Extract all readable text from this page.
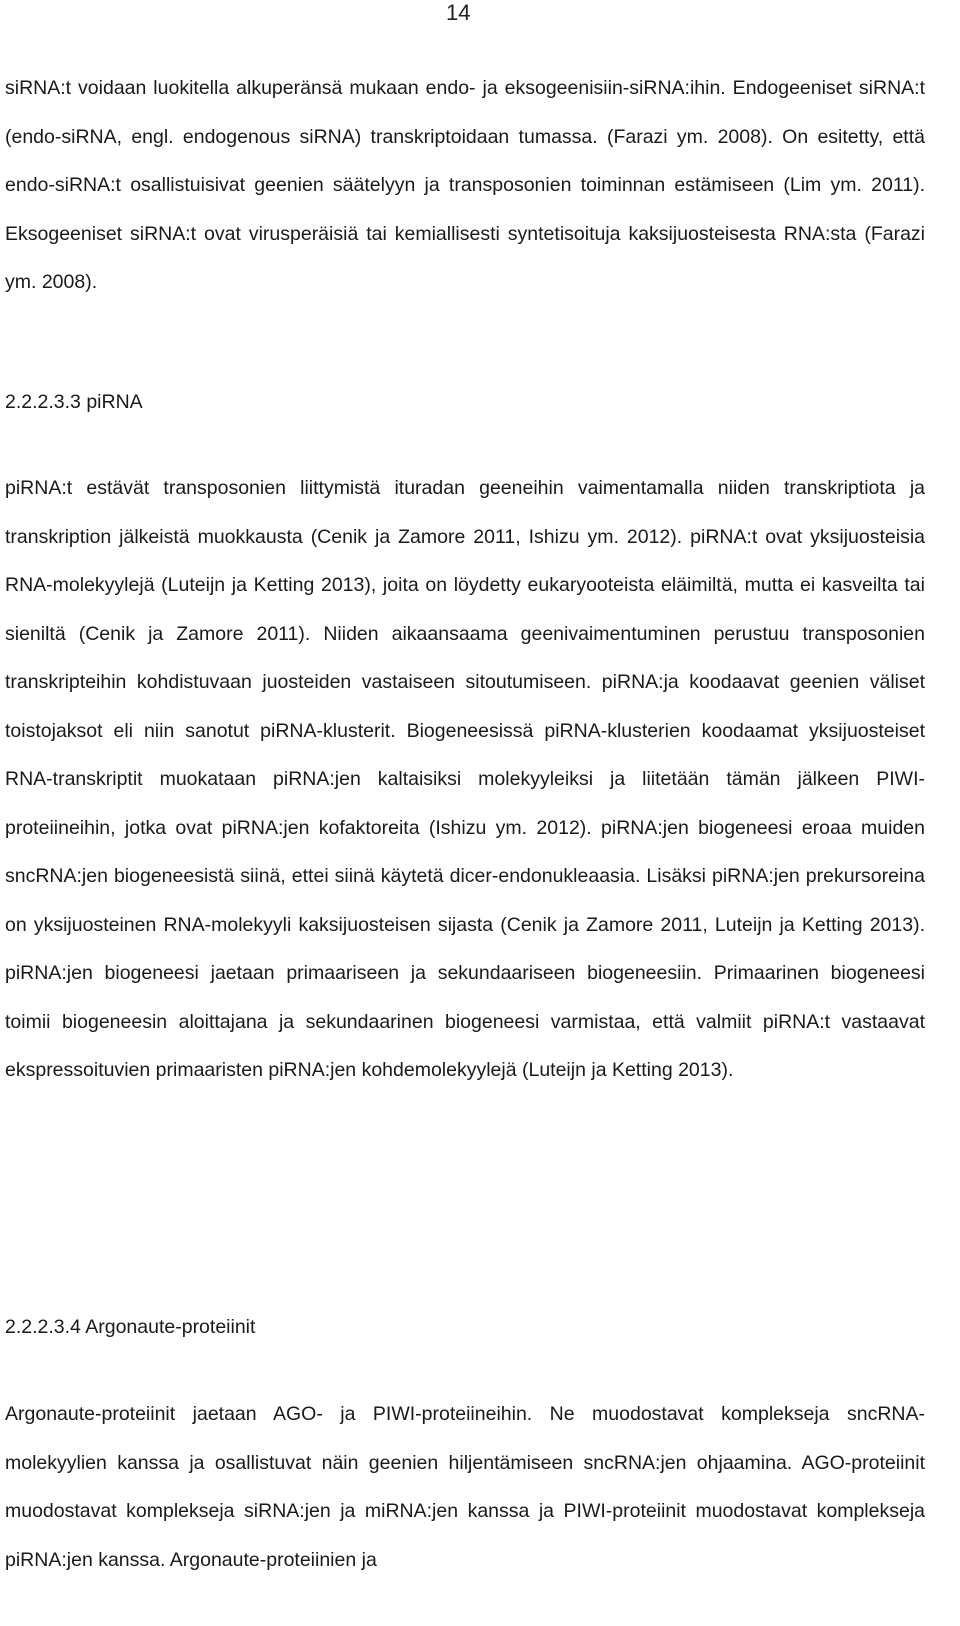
14

siRNA:t voidaan luokitella alkuperänsä mukaan endo- ja eksogeenisiin-siRNA:ihin. Endogeeniset siRNA:t (endo-siRNA, engl. endogenous siRNA) transkriptoidaan tumassa. (Farazi ym. 2008). On esitetty, että endo-siRNA:t osallistuisivat geenien säätelyyn ja transposonien toiminnan estämiseen (Lim ym. 2011). Eksogeeniset siRNA:t ovat virusperäisiä tai kemiallisesti syntetisoituja kaksijuosteisesta RNA:sta (Farazi ym. 2008).

2.2.2.3.3 piRNA

piRNA:t estävät transposonien liittymistä ituradan geeneihin vaimentamalla niiden transkriptiota ja transkription jälkeistä muokkausta (Cenik ja Zamore 2011, Ishizu ym. 2012). piRNA:t ovat yksijuosteisia RNA-molekyylejä (Luteijn ja Ketting 2013), joita on löydetty eukaryooteista eläimiltä, mutta ei kasveilta tai sieniltä (Cenik ja Zamore 2011). Niiden aikaansaama geenivaimentuminen perustuu transposonien transkripteihin kohdistuvaan juosteiden vastaiseen sitoutumiseen. piRNA:ja koodaavat geenien väliset toistojaksot eli niin sanotut piRNA-klusterit. Biogeneesissä piRNA-klusterien koodaamat yksijuosteiset RNA-transkriptit muokataan piRNA:jen kaltaisiksi molekyyleiksi ja liitetään tämän jälkeen PIWI-proteiineihin, jotka ovat piRNA:jen kofaktoreita (Ishizu ym. 2012). piRNA:jen biogeneesi eroaa muiden sncRNA:jen biogeneesistä siinä, ettei siinä käytetä dicer-endonukleaasia. Lisäksi piRNA:jen prekursoreina on yksijuosteinen RNA-molekyyli kaksijuosteisen sijasta (Cenik ja Zamore 2011, Luteijn ja Ketting 2013). piRNA:jen biogeneesi jaetaan primaariseen ja sekundaariseen biogeneesiin. Primaarinen biogeneesi toimii biogeneesin aloittajana ja sekundaarinen biogeneesi varmistaa, että valmiit piRNA:t vastaavat ekspressoituvien primaaristen piRNA:jen kohdemolekyylejä (Luteijn ja Ketting 2013).

2.2.2.3.4 Argonaute-proteiinit

Argonaute-proteiinit jaetaan AGO- ja PIWI-proteiineihin. Ne muodostavat komplekseja sncRNA-molekyylien kanssa ja osallistuvat näin geenien hiljentämiseen sncRNA:jen ohjaamina. AGO-proteiinit muodostavat komplekseja siRNA:jen ja miRNA:jen kanssa ja PIWI-proteiinit muodostavat komplekseja piRNA:jen kanssa. Argonaute-proteiinien ja
